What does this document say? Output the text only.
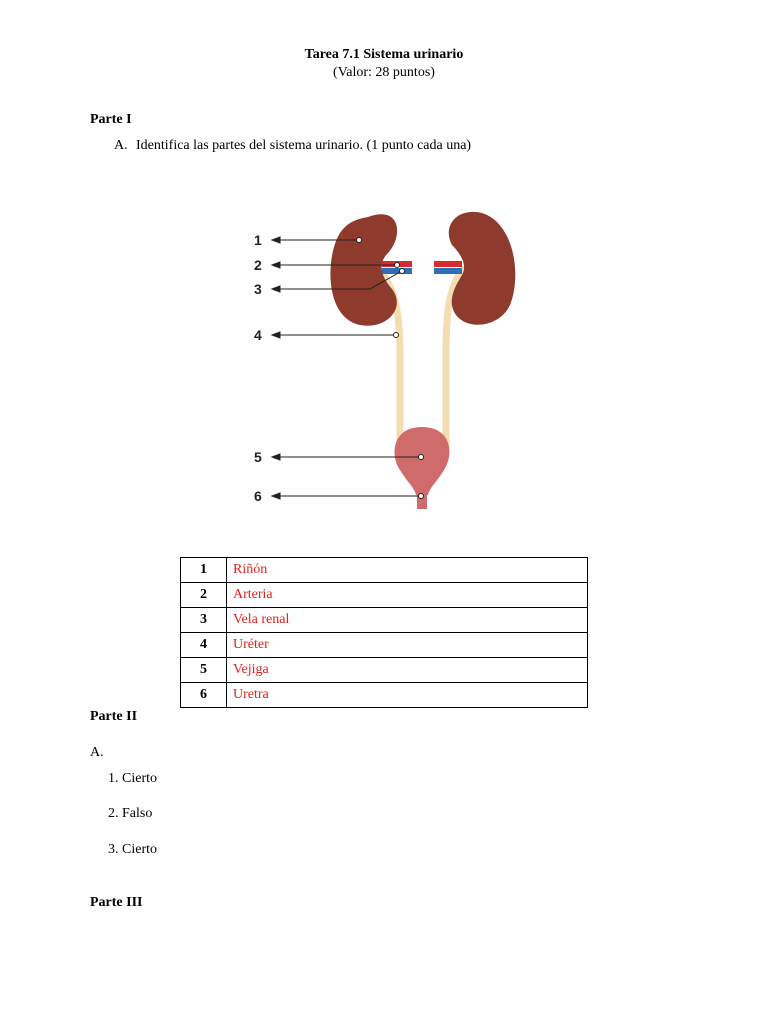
Tarea 7.1 Sistema urinario
(Valor: 28 puntos)
Parte I
A. Identifica las partes del sistema urinario. (1 punto cada una)
1
2
3
4
5
6
1	Riñón
2	Arteria
3	Vela renal
4	Uréter
5	Vejiga
6	Uretra
Parte II
A.
1. Cierto
2. Falso
3. Cierto
Parte III
